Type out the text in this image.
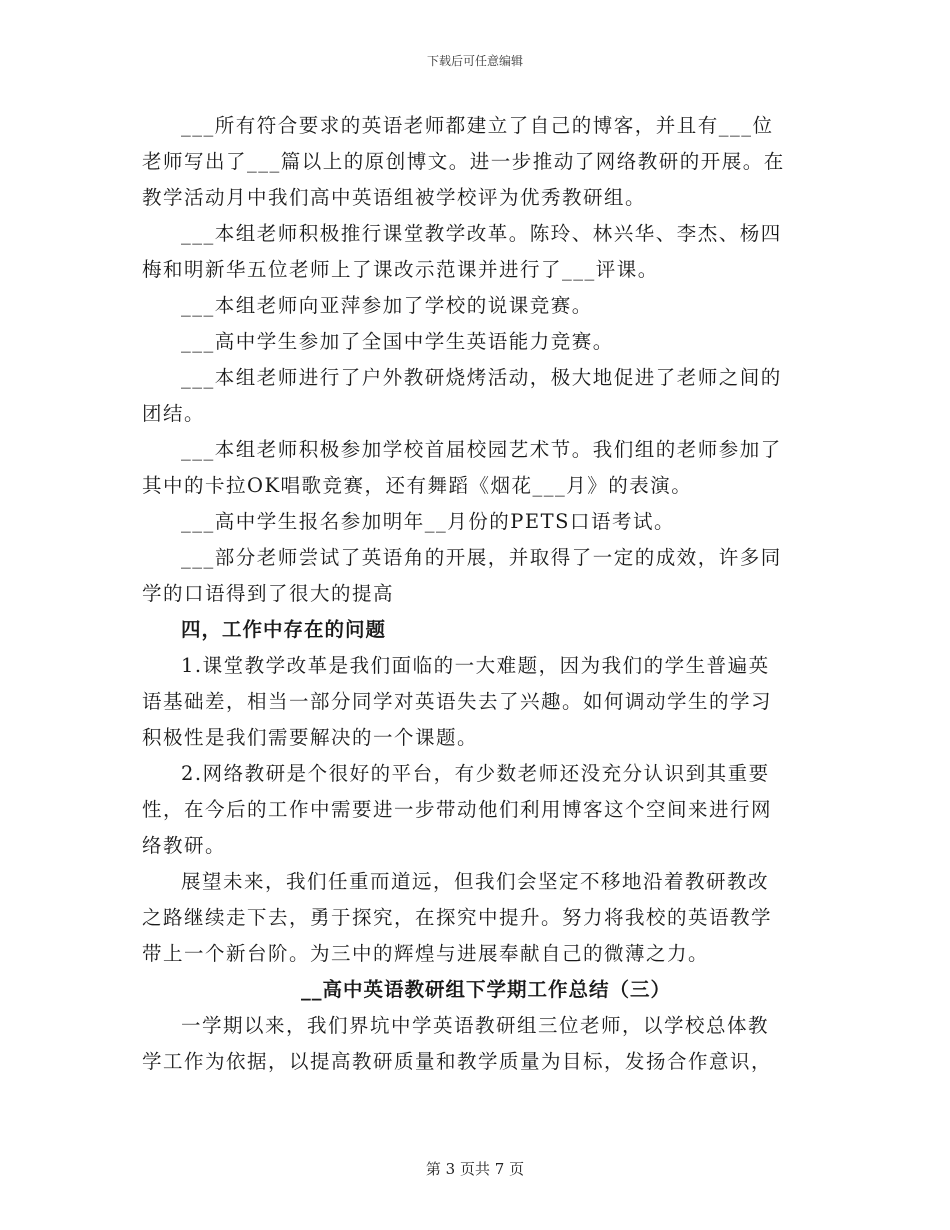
下载后可任意编辑

___所有符合要求的英语老师都建立了自己的博客，并且有___位

老师写出了___篇以上的原创博文。进一步推动了网络教研的开展。在

教学活动月中我们高中英语组被学校评为优秀教研组。

___本组老师积极推行课堂教学改革。陈玲、林兴华、李杰、杨四

梅和明新华五位老师上了课改示范课并进行了___评课。

___本组老师向亚萍参加了学校的说课竞赛。

___高中学生参加了全国中学生英语能力竞赛。

___本组老师进行了户外教研烧烤活动，极大地促进了老师之间的

团结。

___本组老师积极参加学校首届校园艺术节。我们组的老师参加了

其中的卡拉OK唱歌竞赛，还有舞蹈《烟花___月》的表演。

___高中学生报名参加明年__月份的PETS口语考试。

___部分老师尝试了英语角的开展，并取得了一定的成效，许多同

学的口语得到了很大的提高

四，工作中存在的问题

1.课堂教学改革是我们面临的一大难题，因为我们的学生普遍英

语基础差，相当一部分同学对英语失去了兴趣。如何调动学生的学习

积极性是我们需要解决的一个课题。

2.网络教研是个很好的平台，有少数老师还没充分认识到其重要

性，在今后的工作中需要进一步带动他们利用博客这个空间来进行网

络教研。

展望未来，我们任重而道远，但我们会坚定不移地沿着教研教改

之路继续走下去，勇于探究，在探究中提升。努力将我校的英语教学

带上一个新台阶。为三中的辉煌与进展奉献自己的微薄之力。

__高中英语教研组下学期工作总结（三）

一学期以来，我们界坑中学英语教研组三位老师，以学校总体教

学工作为依据，以提高教研质量和教学质量为目标，发扬合作意识，

第 3 页共 7 页
